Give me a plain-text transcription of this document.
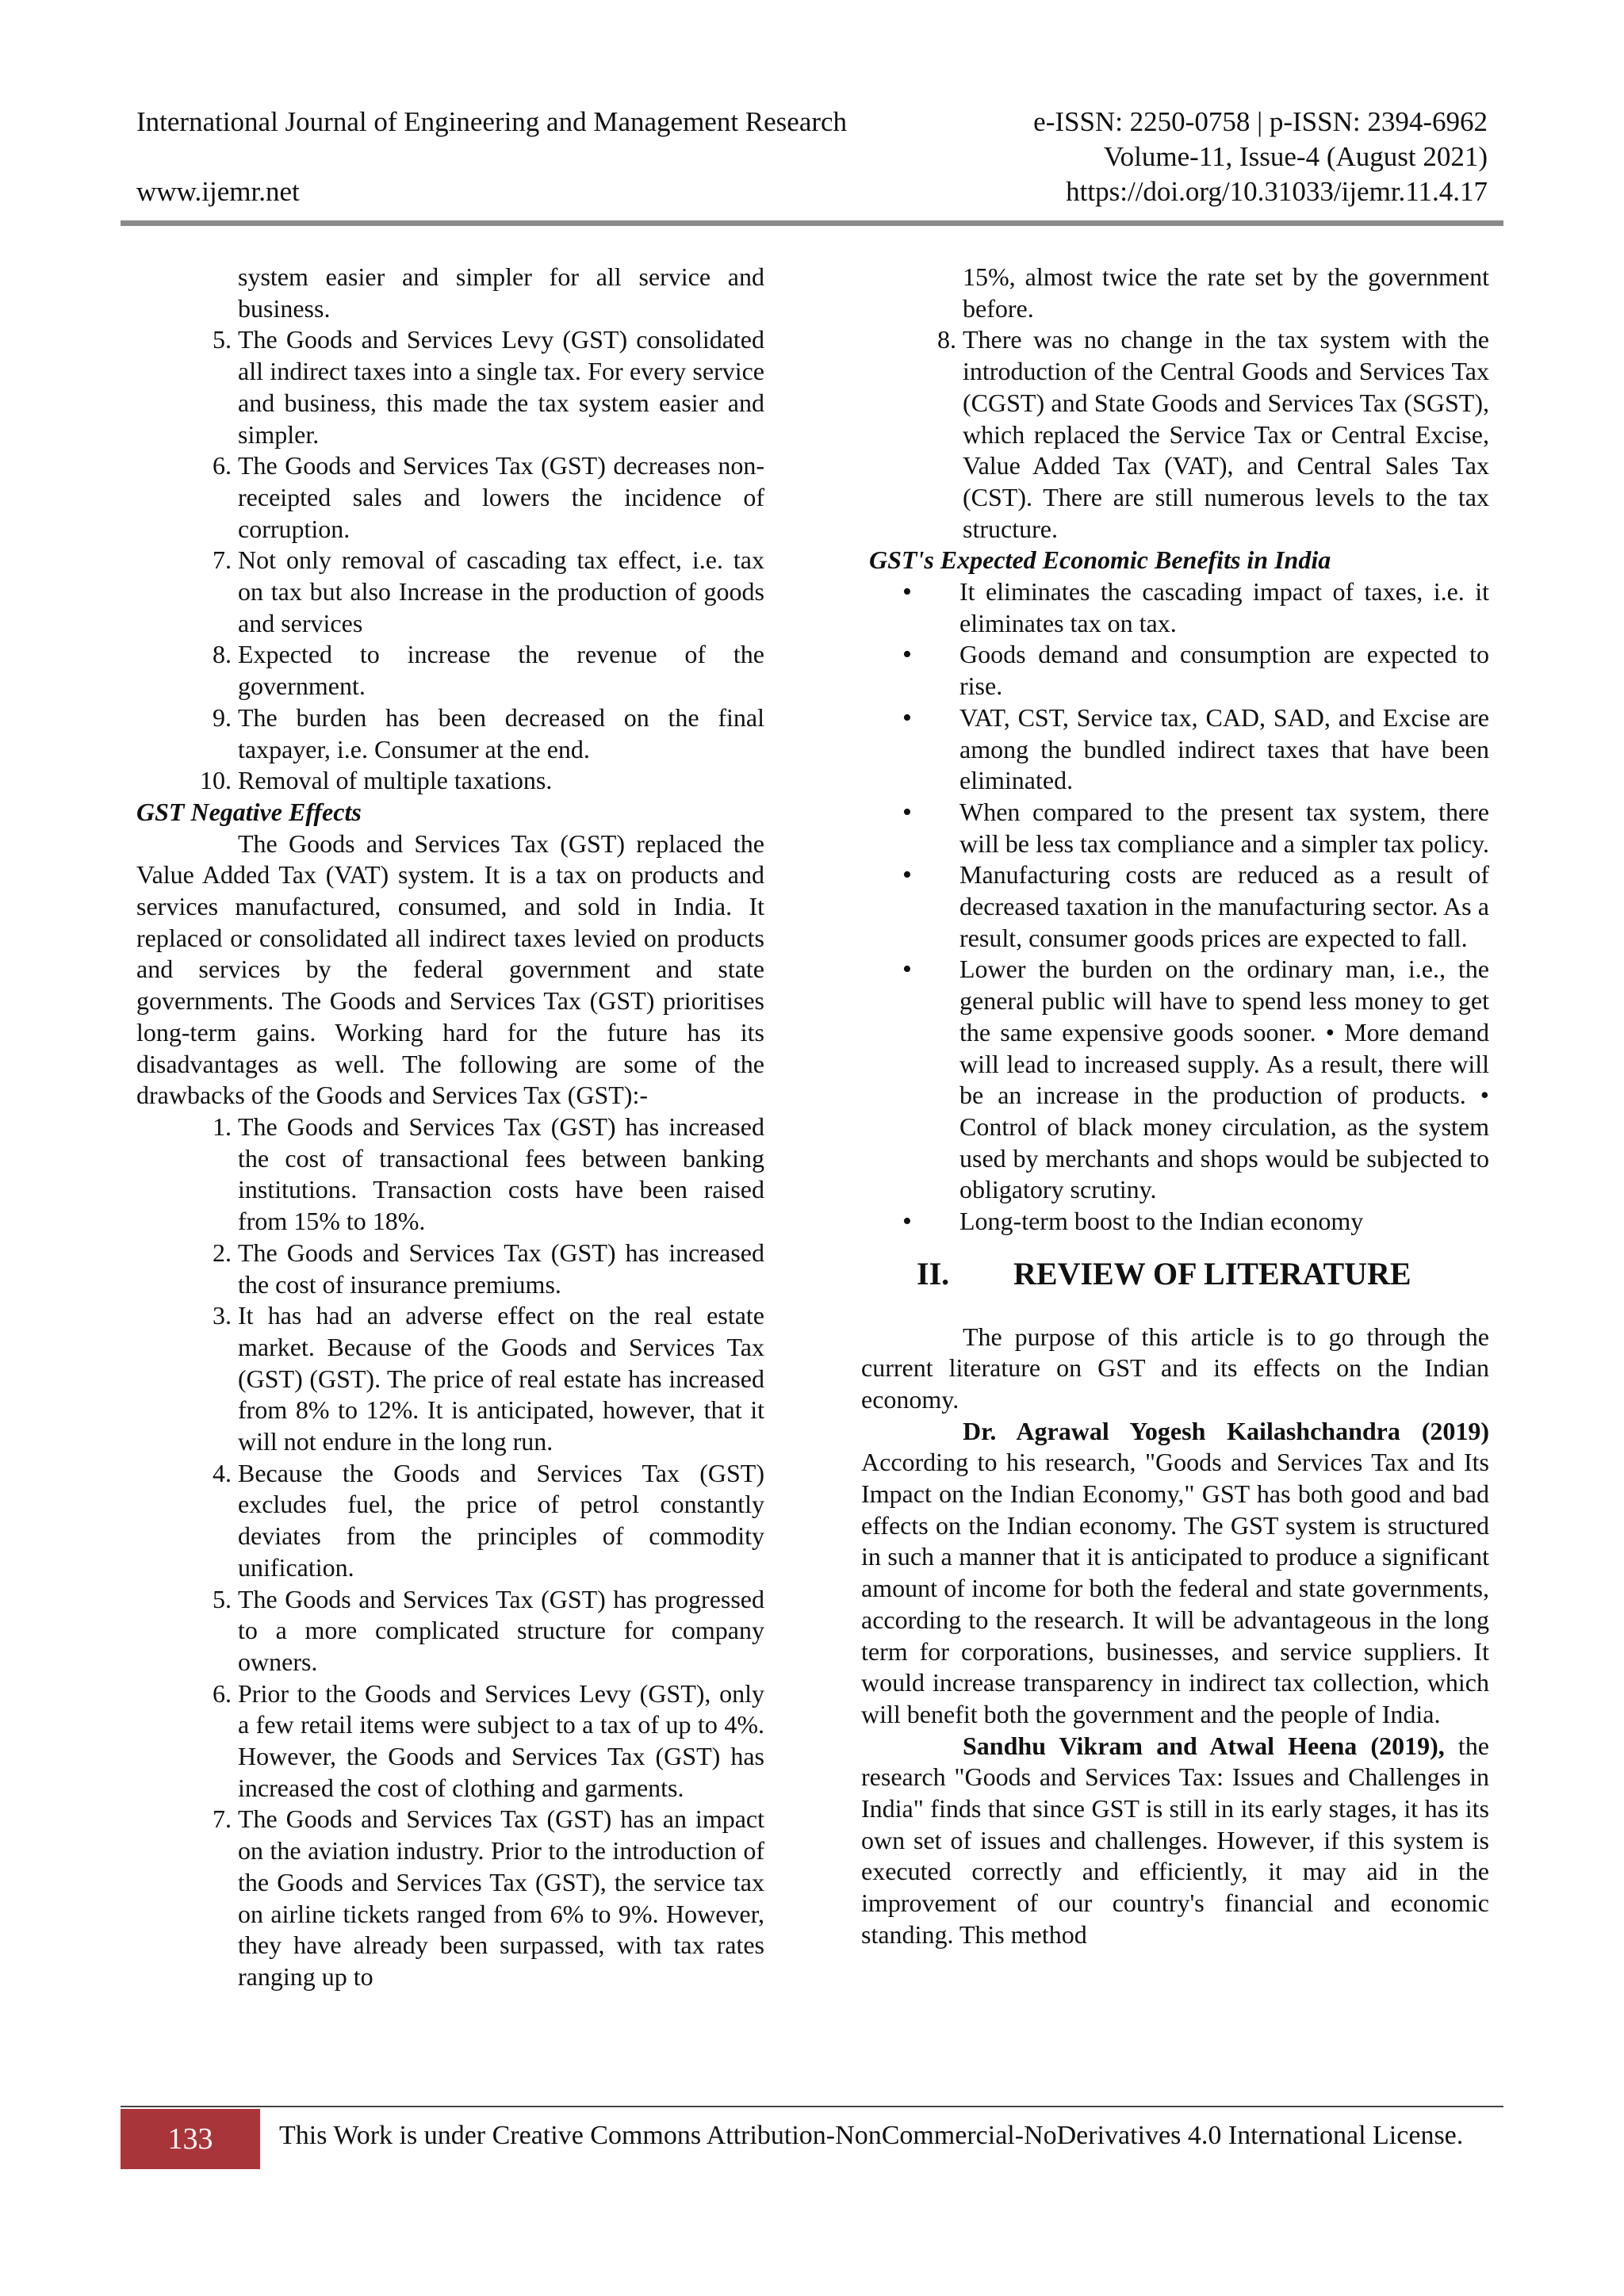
International Journal of Engineering and Management Research	e-ISSN: 2250-0758 | p-ISSN: 2394-6962
Volume-11, Issue-4 (August 2021)
www.ijemr.net	https://doi.org/10.31033/ijemr.11.4.17

system easier and simpler for all service and business.

5. The Goods and Services Levy (GST) consolidated all indirect taxes into a single tax. For every service and business, this made the tax system easier and simpler.
6. The Goods and Services Tax (GST) decreases non-receipted sales and lowers the incidence of corruption.
7. Not only removal of cascading tax effect, i.e. tax on tax but also Increase in the production of goods and services
8. Expected to increase the revenue of the government.
9. The burden has been decreased on the final taxpayer, i.e. Consumer at the end.
10. Removal of multiple taxations.

GST Negative Effects

The Goods and Services Tax (GST) replaced the Value Added Tax (VAT) system. It is a tax on products and services manufactured, consumed, and sold in India. It replaced or consolidated all indirect taxes levied on products and services by the federal government and state governments. The Goods and Services Tax (GST) prioritises long-term gains. Working hard for the future has its disadvantages as well. The following are some of the drawbacks of the Goods and Services Tax (GST):-

1. The Goods and Services Tax (GST) has increased the cost of transactional fees between banking institutions. Transaction costs have been raised from 15% to 18%.
2. The Goods and Services Tax (GST) has increased the cost of insurance premiums.
3. It has had an adverse effect on the real estate market. Because of the Goods and Services Tax (GST) (GST). The price of real estate has increased from 8% to 12%. It is anticipated, however, that it will not endure in the long run.
4. Because the Goods and Services Tax (GST) excludes fuel, the price of petrol constantly deviates from the principles of commodity unification.
5. The Goods and Services Tax (GST) has progressed to a more complicated structure for company owners.
6. Prior to the Goods and Services Levy (GST), only a few retail items were subject to a tax of up to 4%. However, the Goods and Services Tax (GST) has increased the cost of clothing and garments.
7. The Goods and Services Tax (GST) has an impact on the aviation industry. Prior to the introduction of the Goods and Services Tax (GST), the service tax on airline tickets ranged from 6% to 9%. However, they have already been surpassed, with tax rates ranging up to

15%, almost twice the rate set by the government before.

8. There was no change in the tax system with the introduction of the Central Goods and Services Tax (CGST) and State Goods and Services Tax (SGST), which replaced the Service Tax or Central Excise, Value Added Tax (VAT), and Central Sales Tax (CST). There are still numerous levels to the tax structure.

GST's Expected Economic Benefits in India

• It eliminates the cascading impact of taxes, i.e. it eliminates tax on tax.
• Goods demand and consumption are expected to rise.
• VAT, CST, Service tax, CAD, SAD, and Excise are among the bundled indirect taxes that have been eliminated.
• When compared to the present tax system, there will be less tax compliance and a simpler tax policy.
• Manufacturing costs are reduced as a result of decreased taxation in the manufacturing sector. As a result, consumer goods prices are expected to fall.
• Lower the burden on the ordinary man, i.e., the general public will have to spend less money to get the same expensive goods sooner. • More demand will lead to increased supply. As a result, there will be an increase in the production of products. • Control of black money circulation, as the system used by merchants and shops would be subjected to obligatory scrutiny.
• Long-term boost to the Indian economy
II. REVIEW OF LITERATURE

The purpose of this article is to go through the current literature on GST and its effects on the Indian economy.

Dr. Agrawal Yogesh Kailashchandra (2019) According to his research, "Goods and Services Tax and Its Impact on the Indian Economy," GST has both good and bad effects on the Indian economy. The GST system is structured in such a manner that it is anticipated to produce a significant amount of income for both the federal and state governments, according to the research. It will be advantageous in the long term for corporations, businesses, and service suppliers. It would increase transparency in indirect tax collection, which will benefit both the government and the people of India.

Sandhu Vikram and Atwal Heena (2019), the research "Goods and Services Tax: Issues and Challenges in India" finds that since GST is still in its early stages, it has its own set of issues and challenges. However, if this system is executed correctly and efficiently, it may aid in the improvement of our country's financial and economic standing. This method

133	This Work is under Creative Commons Attribution-NonCommercial-NoDerivatives 4.0 International License.
